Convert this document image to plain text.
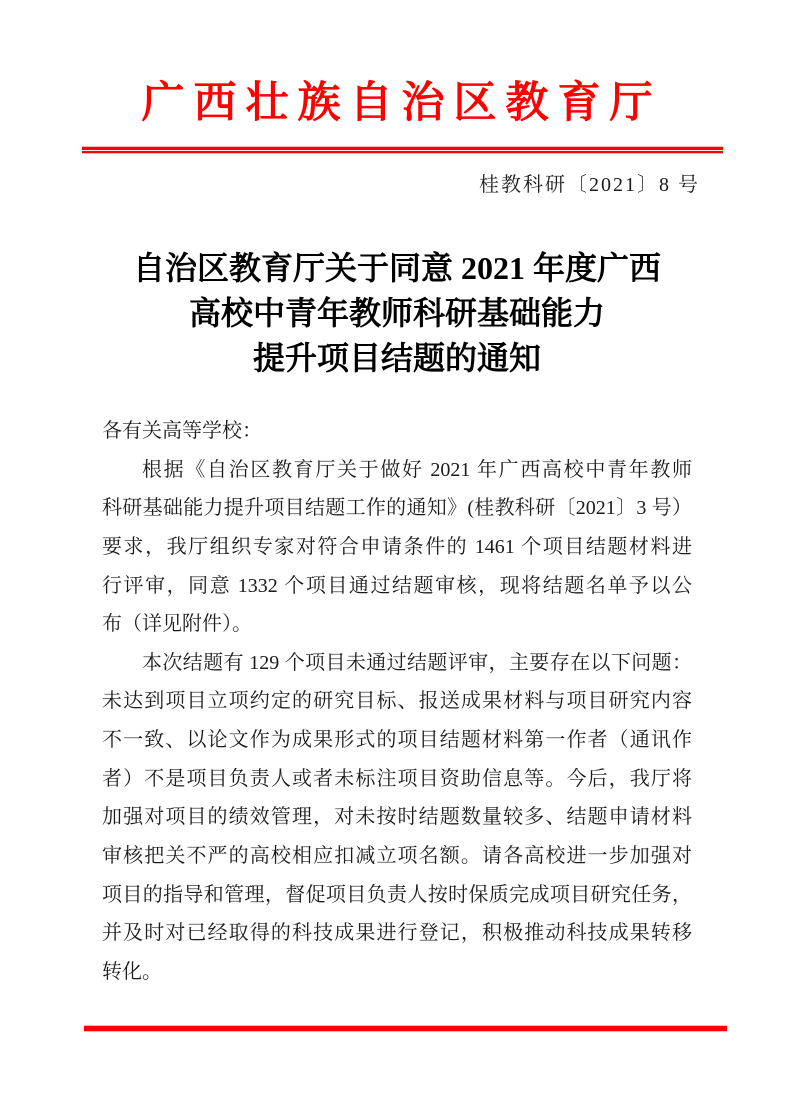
广西壮族自治区教育厅
桂教科研〔2021〕8 号
自治区教育厅关于同意 2021 年度广西
高校中青年教师科研基础能力
提升项目结题的通知
各有关高等学校：
根据《自治区教育厅关于做好 2021 年广西高校中青年教师
科研基础能力提升项目结题工作的通知》(桂教科研〔2021〕3 号）
要求，我厅组织专家对符合申请条件的 1461 个项目结题材料进
行评审，同意 1332 个项目通过结题审核，现将结题名单予以公
布（详见附件）。
本次结题有 129 个项目未通过结题评审，主要存在以下问题：
未达到项目立项约定的研究目标、报送成果材料与项目研究内容
不一致、以论文作为成果形式的项目结题材料第一作者（通讯作
者）不是项目负责人或者未标注项目资助信息等。今后，我厅将
加强对项目的绩效管理，对未按时结题数量较多、结题申请材料
审核把关不严的高校相应扣减立项名额。请各高校进一步加强对
项目的指导和管理，督促项目负责人按时保质完成项目研究任务，
并及时对已经取得的科技成果进行登记，积极推动科技成果转移
转化。
